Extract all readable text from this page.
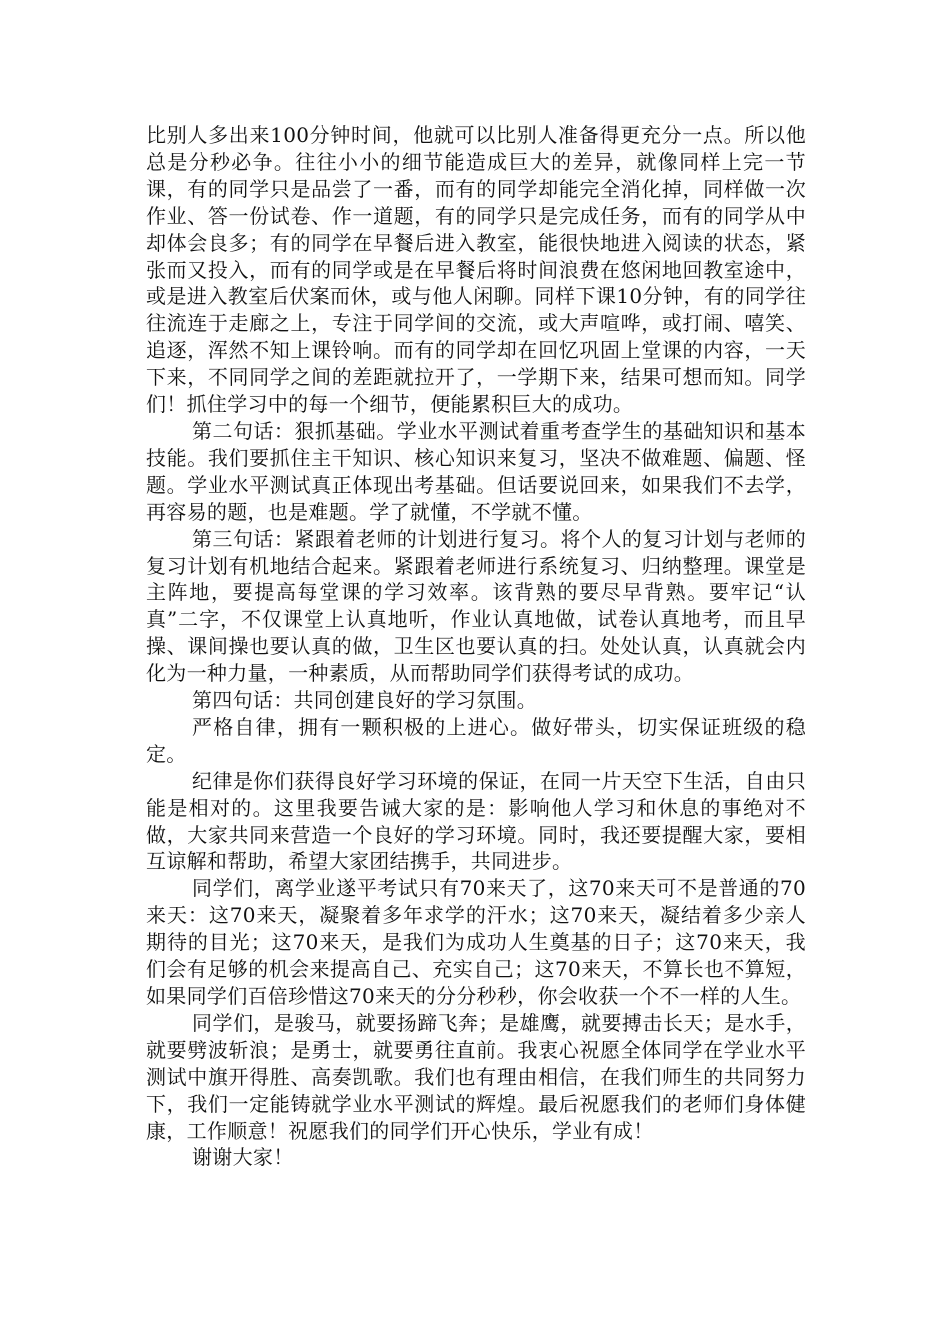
比别人多出来100分钟时间，他就可以比别人准备得更充分一点。所以他总是分秒必争。往往小小的细节能造成巨大的差异，就像同样上完一节课，有的同学只是品尝了一番，而有的同学却能完全消化掉，同样做一次作业、答一份试卷、作一道题，有的同学只是完成任务，而有的同学从中却体会良多；有的同学在早餐后进入教室，能很快地进入阅读的状态，紧张而又投入，而有的同学或是在早餐后将时间浪费在悠闲地回教室途中，或是进入教室后伏案而休，或与他人闲聊。同样下课10分钟，有的同学往往流连于走廊之上，专注于同学间的交流，或大声喧哗，或打闹、嘻笑、追逐，浑然不知上课铃响。而有的同学却在回忆巩固上堂课的内容，一天下来，不同同学之间的差距就拉开了，一学期下来，结果可想而知。同学们！抓住学习中的每一个细节，便能累积巨大的成功。

第二句话：狠抓基础。学业水平测试着重考查学生的基础知识和基本技能。我们要抓住主干知识、核心知识来复习，坚决不做难题、偏题、怪题。学业水平测试真正体现出考基础。但话要说回来，如果我们不去学，再容易的题，也是难题。学了就懂，不学就不懂。

第三句话：紧跟着老师的计划进行复习。将个人的复习计划与老师的复习计划有机地结合起来。紧跟着老师进行系统复习、归纳整理。课堂是主阵地，要提高每堂课的学习效率。该背熟的要尽早背熟。要牢记“认真”二字，不仅课堂上认真地听，作业认真地做，试卷认真地考，而且早操、课间操也要认真的做，卫生区也要认真的扫。处处认真，认真就会内化为一种力量，一种素质，从而帮助同学们获得考试的成功。

第四句话：共同创建良好的学习氛围。

严格自律，拥有一颗积极的上进心。做好带头，切实保证班级的稳定。

纪律是你们获得良好学习环境的保证，在同一片天空下生活，自由只能是相对的。这里我要告诫大家的是：影响他人学习和休息的事绝对不做，大家共同来营造一个良好的学习环境。同时，我还要提醒大家，要相互谅解和帮助，希望大家团结携手，共同进步。

同学们，离学业遂平考试只有70来天了，这70来天可不是普通的70来天：这70来天，凝聚着多年求学的汗水；这70来天，凝结着多少亲人期待的目光；这70来天，是我们为成功人生奠基的日子；这70来天，我们会有足够的机会来提高自己、充实自己；这70来天，不算长也不算短，如果同学们百倍珍惜这70来天的分分秒秒，你会收获一个不一样的人生。

同学们，是骏马，就要扬蹄飞奔；是雄鹰，就要搏击长天；是水手，就要劈波斩浪；是勇士，就要勇往直前。我衷心祝愿全体同学在学业水平测试中旗开得胜、高奏凯歌。我们也有理由相信，在我们师生的共同努力下，我们一定能铸就学业水平测试的辉煌。最后祝愿我们的老师们身体健康，工作顺意！祝愿我们的同学们开心快乐，学业有成！

谢谢大家！
